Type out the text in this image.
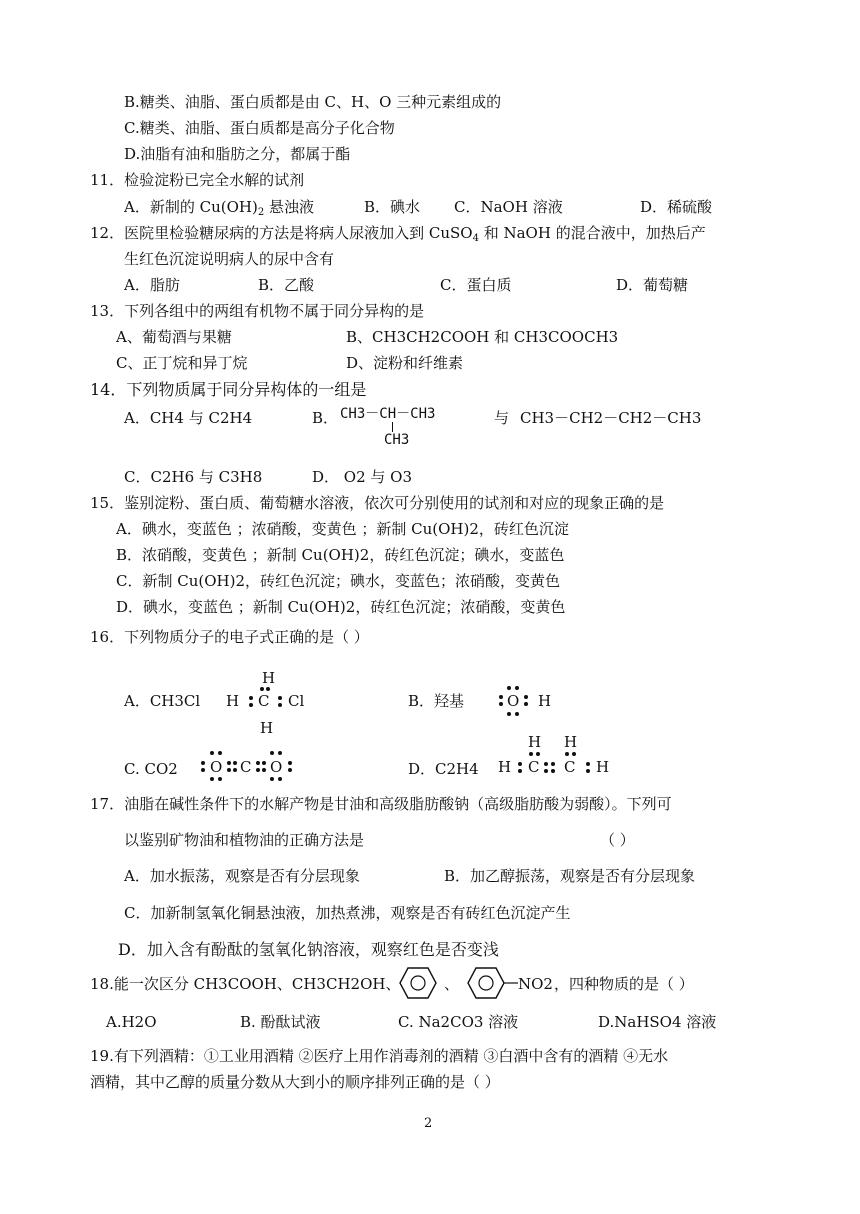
B.糖类、油脂、蛋白质都是由 C、H、O 三种元素组成的
C.糖类、油脂、蛋白质都是高分子化合物
D.油脂有油和脂肪之分，都属于酯
11．检验淀粉已完全水解的试剂
A．新制的 $Cu(OH)_2$ 悬浊液	B．碘水 C．NaOH 溶液	D．稀硫酸
12．医院里检验糖尿病的方法是将病人尿液加入到 CuSO$_4$ 和 NaOH 的混合液中，加热后产
生红色沉淀说明病人的尿中含有
A．脂肪	B．乙酸	C．蛋白质	D．葡萄糖
13．下列各组中的两组有机物不属于同分异构的是
A、葡萄酒与果糖	B、CH3CH2COOH 和 CH3COOCH3
C、正丁烷和异丁烷	D、淀粉和纤维素
14．下列物质属于同分异构体的一组是
A．CH4 与 C2H4	B． CH3－CH－CH3
CH3
与 CH3－CH2－CH2－CH3
C．C2H6 与 C3H8	D． O2 与 O3
15．鉴别淀粉、蛋白质、葡萄糖水溶液，依次可分别使用的试剂和对应的现象正确的是
A．碘水，变蓝色 ；浓硝酸，变黄色 ；新制 Cu(OH)2，砖红色沉淀
B．浓硝酸，变黄色 ；新制 Cu(OH)2，砖红色沉淀；碘水，变蓝色
C．新制 Cu(OH)2，砖红色沉淀；碘水，变蓝色；浓硝酸，变黄色
D．碘水，变蓝色 ；新制 Cu(OH)2，砖红色沉淀；浓硝酸，变黄色
16．下列物质分子的电子式正确的是（ ）
A．CH3Cl
H
H C Cl
H
B．羟基	O H
C. CO2 O C O	D．C2H4
H H
H C C H
17．油脂在碱性条件下的水解产物是甘油和高级脂肪酸钠（高级脂肪酸为弱酸）。下列可
以鉴别矿物油和植物油的正确方法是	（ ）
A．加水振荡，观察是否有分层现象	B．加乙醇振荡，观察是否有分层现象
C．加新制氢氧化铜悬浊液，加热煮沸，观察是否有砖红色沉淀产生
D．加入含有酚酞的氢氧化钠溶液，观察红色是否变浅
18.能一次区分 CH3COOH、CH3CH2OH、	、	NO2 ，四种物质的是（ ）
A.H2O	B. 酚酞试液	C. Na2CO3 溶液	D.NaHSO4 溶液
19.有下列酒精：①工业用酒精 ②医疗上用作消毒剂的酒精 ③白酒中含有的酒精 ④无水
酒精，其中乙醇的质量分数从大到小的顺序排列正确的是（ ）
2
